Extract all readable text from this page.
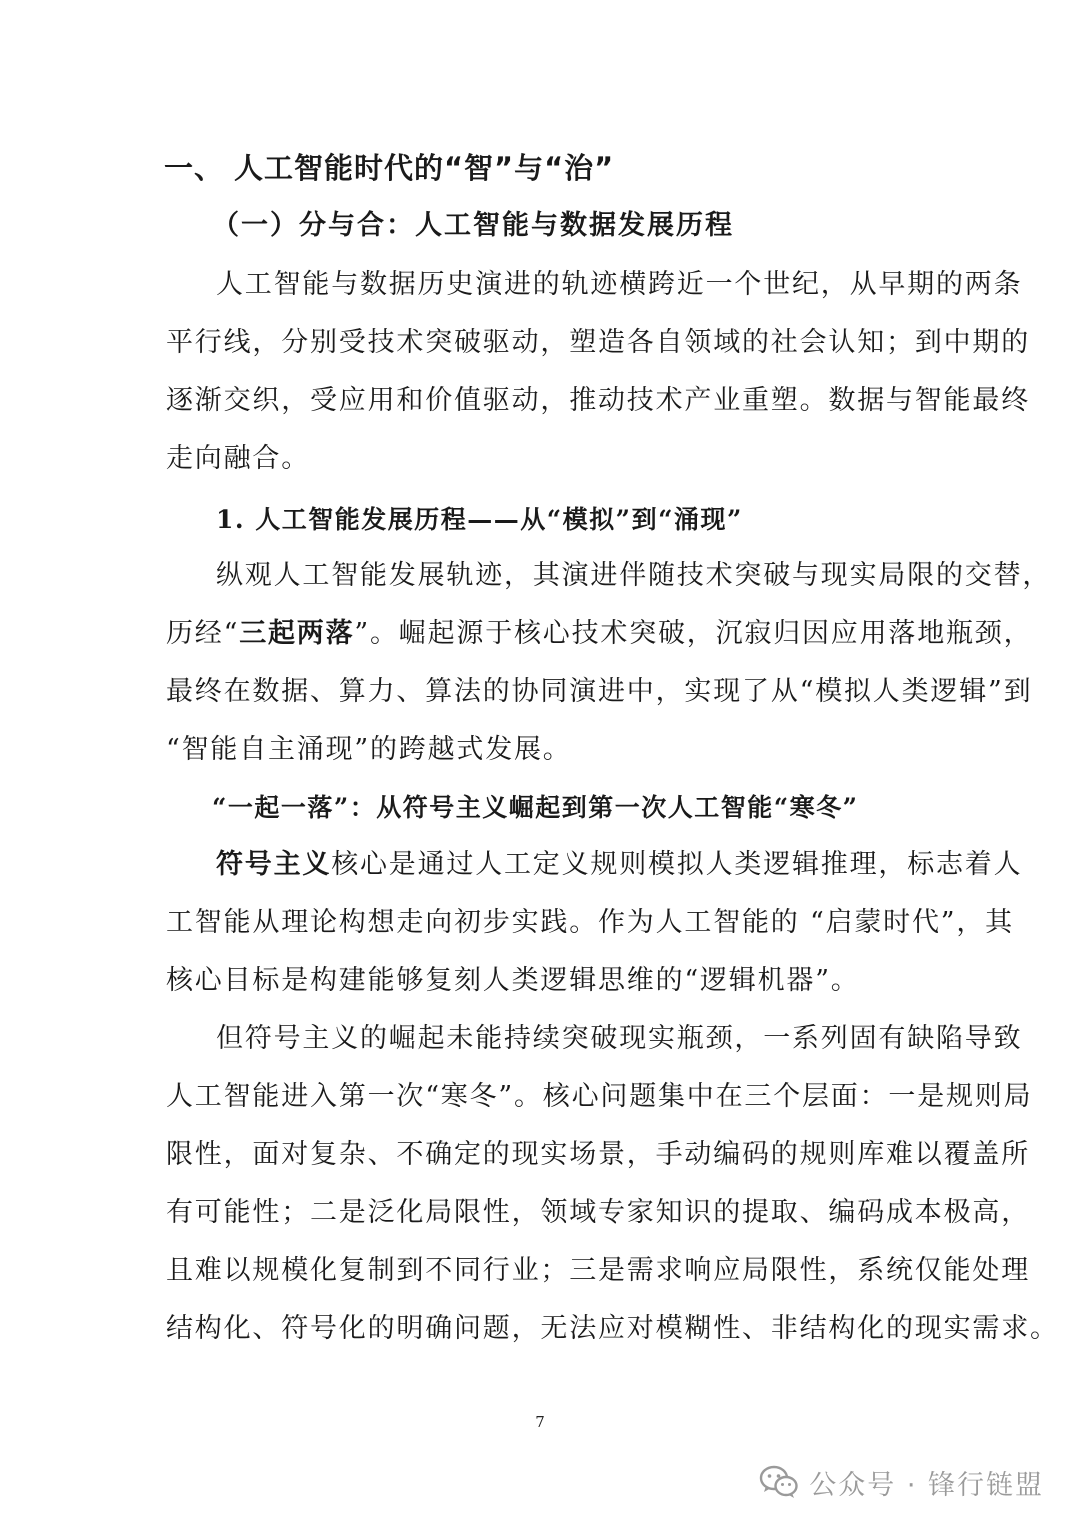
一、 人工智能时代的“智”与“治”
（一）分与合：人工智能与数据发展历程
人工智能与数据历史演进的轨迹横跨近一个世纪，从早期的两条
平行线，分别受技术突破驱动，塑造各自领域的社会认知；到中期的
逐渐交织，受应用和价值驱动，推动技术产业重塑。数据与智能最终
走向融合。
1. 人工智能发展历程——从“模拟”到“涌现”
纵观人工智能发展轨迹，其演进伴随技术突破与现实局限的交替，
历经“三起两落”。崛起源于核心技术突破，沉寂归因应用落地瓶颈，
最终在数据、算力、算法的协同演进中，实现了从“模拟人类逻辑”到
“智能自主涌现”的跨越式发展。
“一起一落”：从符号主义崛起到第一次人工智能“寒冬”
符号主义核心是通过人工定义规则模拟人类逻辑推理，标志着人
工智能从理论构想走向初步实践。作为人工智能的 “启蒙时代”，其
核心目标是构建能够复刻人类逻辑思维的“逻辑机器”。
但符号主义的崛起未能持续突破现实瓶颈，一系列固有缺陷导致
人工智能进入第一次“寒冬”。核心问题集中在三个层面：一是规则局
限性，面对复杂、不确定的现实场景，手动编码的规则库难以覆盖所
有可能性；二是泛化局限性，领域专家知识的提取、编码成本极高，
且难以规模化复制到不同行业；三是需求响应局限性，系统仅能处理
结构化、符号化的明确问题，无法应对模糊性、非结构化的现实需求。
7
公众号 · 锋行链盟
